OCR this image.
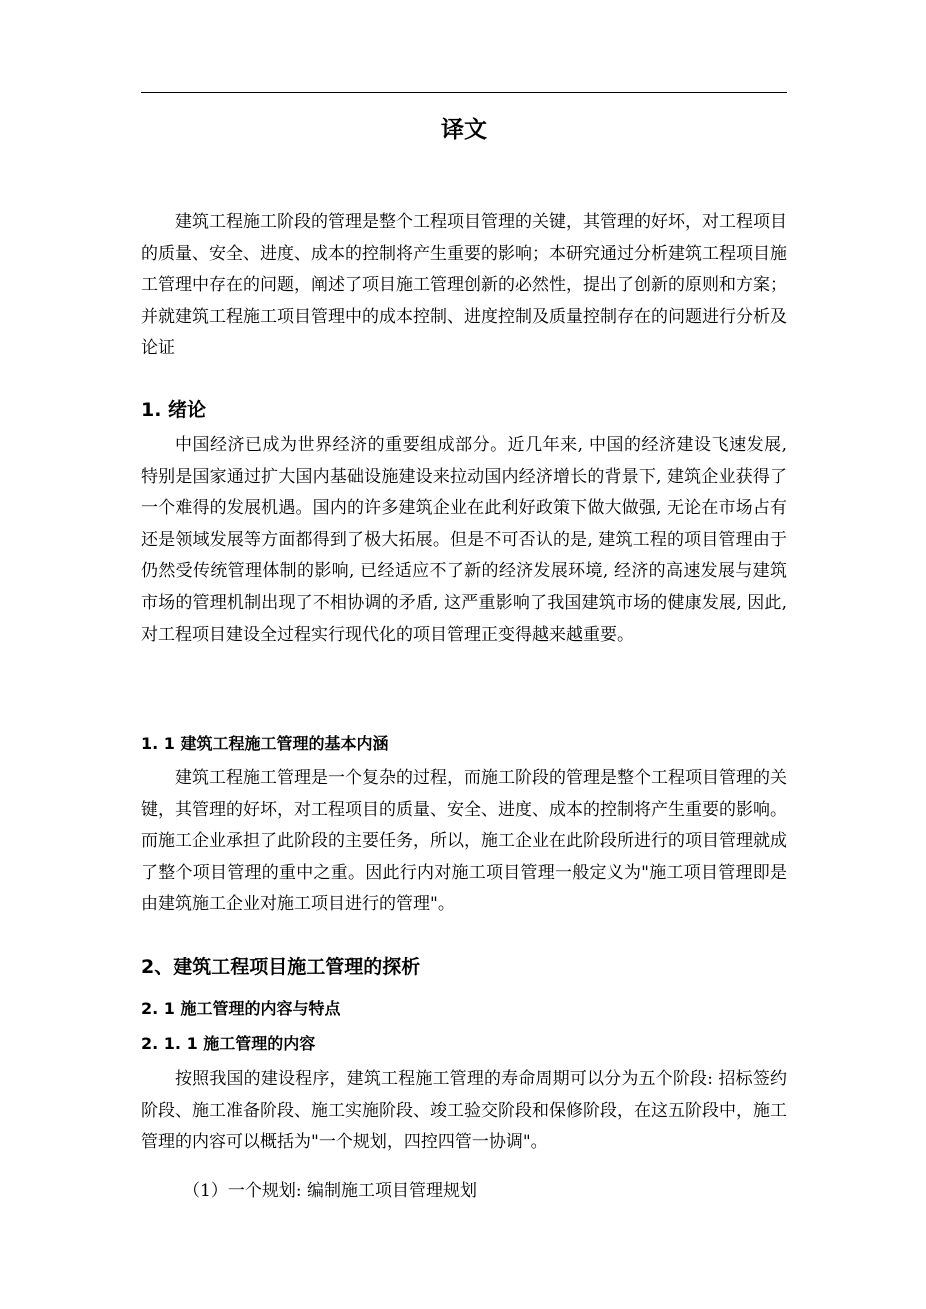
译文

建筑工程施工阶段的管理是整个工程项目管理的关键，其管理的好坏，对工程项目的质量、安全、进度、成本的控制将产生重要的影响；本研究通过分析建筑工程项目施工管理中存在的问题，阐述了项目施工管理创新的必然性，提出了创新的原则和方案；并就建筑工程施工项目管理中的成本控制、进度控制及质量控制存在的问题进行分析及论证

1. 绪论

中国经济已成为世界经济的重要组成部分。近几年来, 中国的经济建设飞速发展, 特别是国家通过扩大国内基础设施建设来拉动国内经济增长的背景下, 建筑企业获得了一个难得的发展机遇。国内的许多建筑企业在此利好政策下做大做强, 无论在市场占有还是领域发展等方面都得到了极大拓展。但是不可否认的是, 建筑工程的项目管理由于仍然受传统管理体制的影响, 已经适应不了新的经济发展环境, 经济的高速发展与建筑市场的管理机制出现了不相协调的矛盾, 这严重影响了我国建筑市场的健康发展, 因此, 对工程项目建设全过程实行现代化的项目管理正变得越来越重要。

1. 1 建筑工程施工管理的基本内涵

建筑工程施工管理是一个复杂的过程，而施工阶段的管理是整个工程项目管理的关键，其管理的好坏，对工程项目的质量、安全、进度、成本的控制将产生重要的影响。而施工企业承担了此阶段的主要任务，所以，施工企业在此阶段所进行的项目管理就成了整个项目管理的重中之重。因此行内对施工项目管理一般定义为"施工项目管理即是由建筑施工企业对施工项目进行的管理"。

2、建筑工程项目施工管理的探析
2. 1 施工管理的内容与特点
2. 1. 1 施工管理的内容

按照我国的建设程序，建筑工程施工管理的寿命周期可以分为五个阶段: 招标签约阶段、施工准备阶段、施工实施阶段、竣工验交阶段和保修阶段，在这五阶段中，施工管理的内容可以概括为"一个规划，四控四管一协调"。

（1）一个规划: 编制施工项目管理规划
